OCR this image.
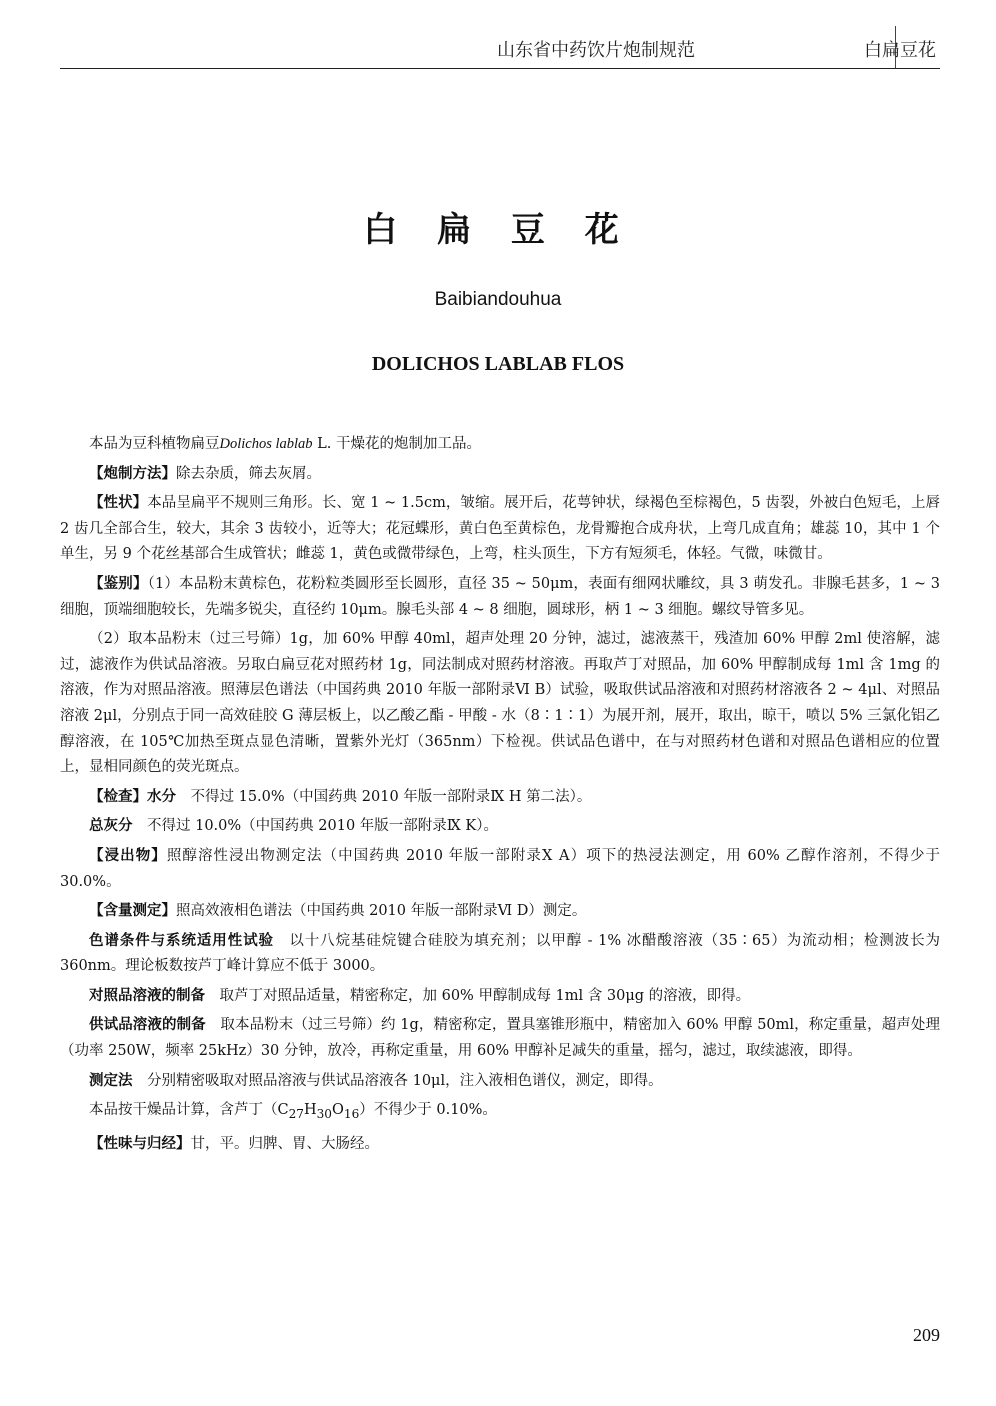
山东省中药饮片炮制规范	白扁豆花
白 扁 豆 花
Baibiandouhua
DOLICHOS LABLAB FLOS

本品为豆科植物扁豆Dolichos lablab L. 干燥花的炮制加工品。

【炮制方法】除去杂质，筛去灰屑。

【性状】本品呈扁平不规则三角形。长、宽 1 ~ 1.5cm，皱缩。展开后，花萼钟状，绿褐色至棕褐色，5 齿裂，外被白色短毛，上唇 2 齿几全部合生，较大，其余 3 齿较小，近等大；花冠蝶形，黄白色至黄棕色，龙骨瓣抱合成舟状，上弯几成直角；雄蕊 10，其中 1 个单生，另 9 个花丝基部合生成管状；雌蕊 1，黄色或微带绿色，上弯，柱头顶生，下方有短须毛，体轻。气微，味微甘。

【鉴别】（1）本品粉末黄棕色，花粉粒类圆形至长圆形，直径 35 ~ 50μm，表面有细网状雕纹，具 3 萌发孔。非腺毛甚多，1 ~ 3 细胞，顶端细胞较长，先端多锐尖，直径约 10μm。腺毛头部 4 ~ 8 细胞，圆球形，柄 1 ~ 3 细胞。螺纹导管多见。

（2）取本品粉末（过三号筛）1g，加 60% 甲醇 40ml，超声处理 20 分钟，滤过，滤液蒸干，残渣加 60% 甲醇 2ml 使溶解，滤过，滤液作为供试品溶液。另取白扁豆花对照药材 1g，同法制成对照药材溶液。再取芦丁对照品，加 60% 甲醇制成每 1ml 含 1mg 的溶液，作为对照品溶液。照薄层色谱法（中国药典 2010 年版一部附录Ⅵ B）试验，吸取供试品溶液和对照药材溶液各 2 ~ 4μl、对照品溶液 2μl，分别点于同一高效硅胶 G 薄层板上，以乙酸乙酯 - 甲酸 - 水（8∶1∶1）为展开剂，展开，取出，晾干，喷以 5% 三氯化铝乙醇溶液，在 105℃加热至斑点显色清晰，置紫外光灯（365nm）下检视。供试品色谱中，在与对照药材色谱和对照品色谱相应的位置上，显相同颜色的荧光斑点。

【检查】水分　不得过 15.0%（中国药典 2010 年版一部附录Ⅸ H 第二法）。

总灰分　不得过 10.0%（中国药典 2010 年版一部附录Ⅸ K）。

【浸出物】照醇溶性浸出物测定法（中国药典 2010 年版一部附录Ⅹ A）项下的热浸法测定，用 60% 乙醇作溶剂，不得少于 30.0%。

【含量测定】照高效液相色谱法（中国药典 2010 年版一部附录Ⅵ D）测定。

色谱条件与系统适用性试验　以十八烷基硅烷键合硅胶为填充剂；以甲醇 - 1% 冰醋酸溶液（35∶65）为流动相；检测波长为 360nm。理论板数按芦丁峰计算应不低于 3000。

对照品溶液的制备　取芦丁对照品适量，精密称定，加 60% 甲醇制成每 1ml 含 30μg 的溶液，即得。

供试品溶液的制备　取本品粉末（过三号筛）约 1g，精密称定，置具塞锥形瓶中，精密加入 60% 甲醇 50ml，称定重量，超声处理（功率 250W，频率 25kHz）30 分钟，放冷，再称定重量，用 60% 甲醇补足减失的重量，摇匀，滤过，取续滤液，即得。

测定法　分别精密吸取对照品溶液与供试品溶液各 10μl，注入液相色谱仪，测定，即得。

本品按干燥品计算，含芦丁$(C_{27}H_{30}O_{16})$不得少于 0.10%。

【性味与归经】甘，平。归脾、胃、大肠经。

209
